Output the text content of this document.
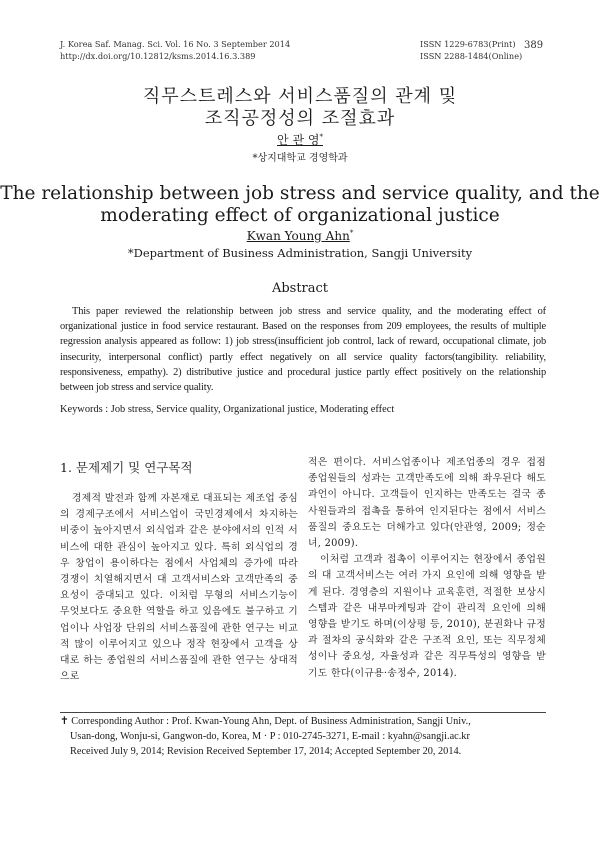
J. Korea Saf. Manag. Sci. Vol. 16 No. 3 September 2014
http://dx.doi.org/10.12812/ksms.2014.16.3.389
ISSN 1229-6783(Print)
ISSN 2288-1484(Online)
389
직무스트레스와 서비스품질의 관계 및
조직공정성의 조절효과
안 관 영*
*상지대학교 경영학과
The relationship between job stress and service quality, and the
moderating effect of organizational justice
Kwan Young Ahn*
*Department of Business Administration, Sangji University
Abstract
This paper reviewed the relationship between job stress and service quality, and the moderating effect of organizational justice in food service restaurant. Based on the responses from 209 employees, the results of multiple regression analysis appeared as follow: 1) job stress(insufficient job control, lack of reward, occupational climate, job insecurity, interpersonal conflict) partly effect negatively on all service quality factors(tangibility. reliability, responsiveness, empathy). 2) distributive justice and procedural justice partly effect positively on the relationship between job stress and service quality.
Keywords : Job stress, Service quality, Organizational justice, Moderating effect
1. 문제제기 및 연구목적

경제적 발전과 함께 자본재로 대표되는 제조업 중심의 경제구조에서 서비스업이 국민경제에서 차지하는 비중이 높아지면서 외식업과 같은 분야에서의 인적 서비스에 대한 관심이 높아지고 있다. 특히 외식업의 경우 창업이 용이하다는 점에서 사업체의 증가에 따라 경쟁이 치열해지면서 대 고객서비스와 고객만족의 중요성이 증대되고 있다. 이처럼 무형의 서비스기능이 무엇보다도 중요한 역할을 하고 있음에도 불구하고 기업이나 사업장 단위의 서비스품질에 관한 연구는 비교적 많이 이루어지고 있으나 정작 현장에서 고객을 상대로 하는 종업원의 서비스품질에 관한 연구는 상대적으로

적은 편이다. 서비스업종이나 제조업종의 경우 접점 종업원들의 성과는 고객만족도에 의해 좌우된다 해도 과언이 아니다. 고객들이 인지하는 만족도는 결국 종사원들과의 접촉을 통하여 인지된다는 점에서 서비스품질의 중요도는 더해가고 있다(안관영, 2009; 정순녀, 2009).

이처럼 고객과 접촉이 이루어지는 현장에서 종업원의 대 고객서비스는 여러 가지 요인에 의해 영향을 받게 된다. 경영층의 지원이나 교육훈련, 적절한 보상시스템과 같은 내부마케팅과 같이 관리적 요인에 의해 영향을 받기도 하며(이상평 등, 2010), 분권화나 규정과 절차의 공식화와 같은 구조적 요인, 또는 직무정체성이나 중요성, 자율성과 같은 직무특성의 영향을 받기도 한다(이규용·송정수, 2014).

✝ Corresponding Author : Prof. Kwan-Young Ahn, Dept. of Business Administration, Sangji Univ.,
Usan-dong, Wonju-si, Gangwon-do, Korea, M · P : 010-2745-3271, E-mail : kyahn@sangji.ac.kr
Received July 9, 2014; Revision Received September 17, 2014; Accepted September 20, 2014.
